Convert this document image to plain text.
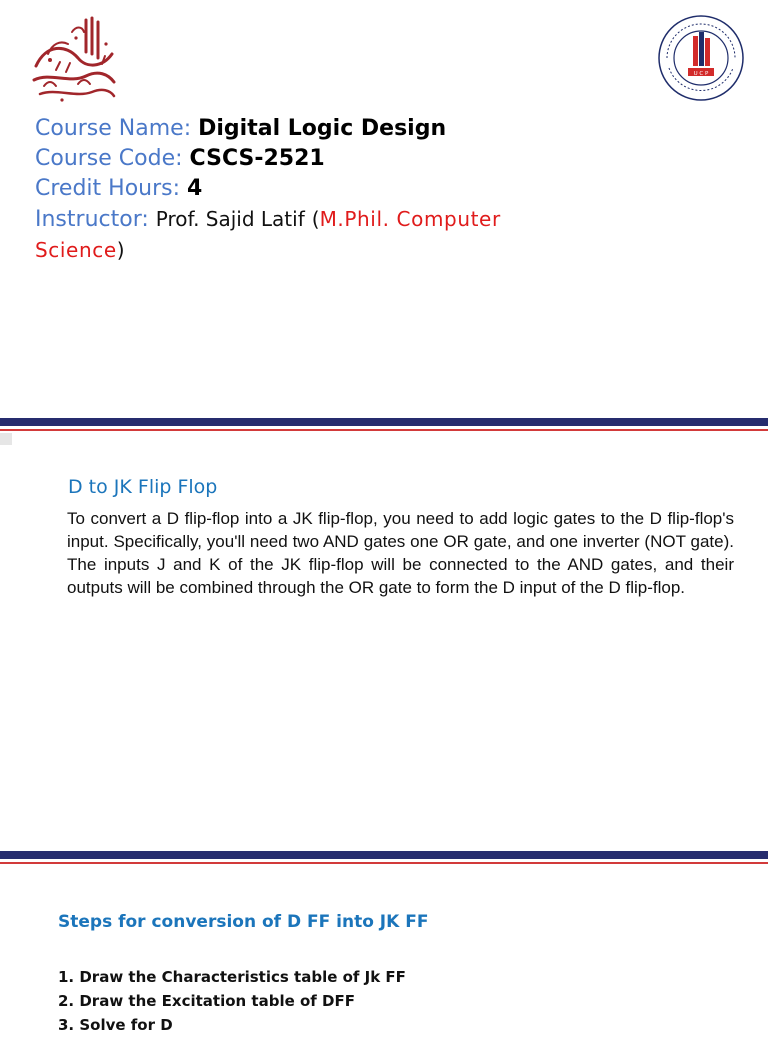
U C P
Course Name: Digital Logic Design
Course Code: CSCS-2521
Credit Hours: 4
Instructor: Prof. Sajid Latif (M.Phil. Computer Science)
D to JK Flip Flop

To convert a D flip-flop into a JK flip-flop, you need to add logic gates to the D flip-flop's input. Specifically, you'll need two AND gates one OR gate, and one inverter (NOT gate). The inputs J and K of the JK flip-flop will be connected to the AND gates, and their outputs will be combined through the OR gate to form the D input of the D flip-flop.

Steps for conversion of D FF into JK FF
1. Draw the Characteristics table of Jk FF
2. Draw the Excitation table of DFF
3. Solve for D
